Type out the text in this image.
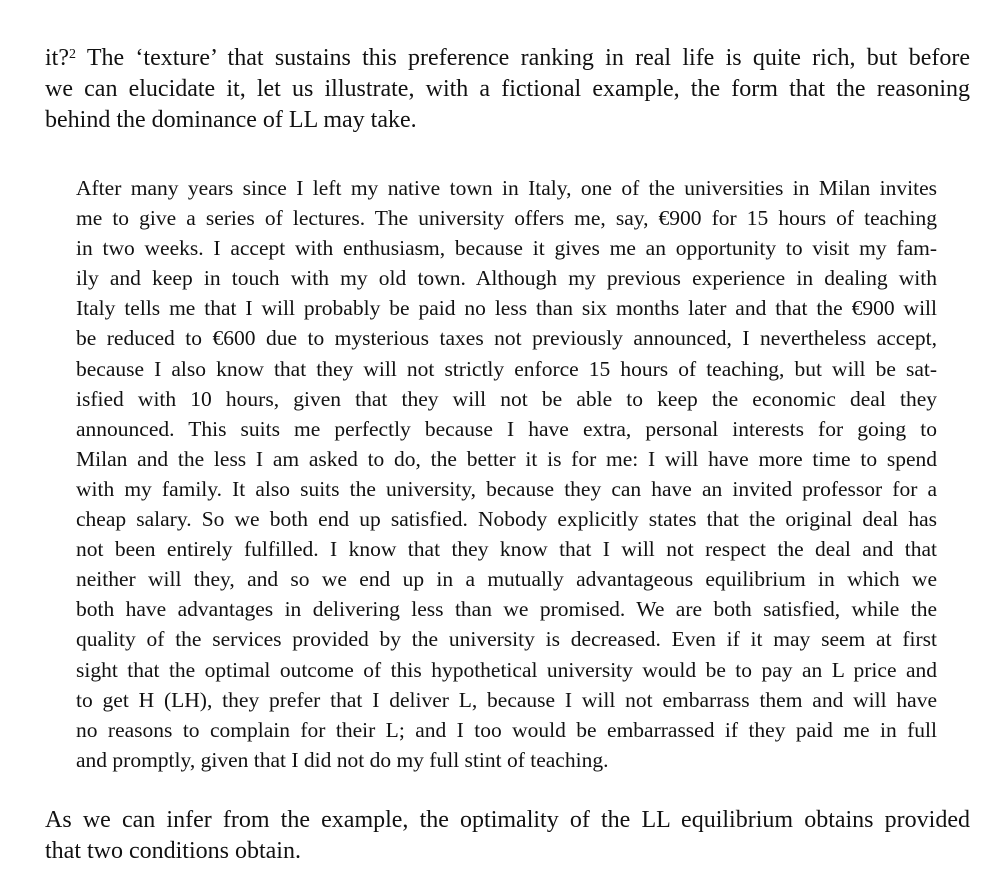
it?$^2$ The ‘texture’ that sustains this preference ranking in real life is quite rich, but before
we can elucidate it, let us illustrate, with a fictional example, the form that the reasoning
behind the dominance of LL may take.
After many years since I left my native town in Italy, one of the universities in Milan invites
me to give a series of lectures. The university offers me, say, €900 for 15 hours of teaching
in two weeks. I accept with enthusiasm, because it gives me an opportunity to visit my fam-
ily and keep in touch with my old town. Although my previous experience in dealing with
Italy tells me that I will probably be paid no less than six months later and that the €900 will
be reduced to €600 due to mysterious taxes not previously announced, I nevertheless accept,
because I also know that they will not strictly enforce 15 hours of teaching, but will be sat-
isfied with 10 hours, given that they will not be able to keep the economic deal they
announced. This suits me perfectly because I have extra, personal interests for going to
Milan and the less I am asked to do, the better it is for me: I will have more time to spend
with my family. It also suits the university, because they can have an invited professor for a
cheap salary. So we both end up satisfied. Nobody explicitly states that the original deal has
not been entirely fulfilled. I know that they know that I will not respect the deal and that
neither will they, and so we end up in a mutually advantageous equilibrium in which we
both have advantages in delivering less than we promised. We are both satisfied, while the
quality of the services provided by the university is decreased. Even if it may seem at first
sight that the optimal outcome of this hypothetical university would be to pay an L price and
to get H (LH), they prefer that I deliver L, because I will not embarrass them and will have
no reasons to complain for their L; and I too would be embarrassed if they paid me in full
and promptly, given that I did not do my full stint of teaching.
As we can infer from the example, the optimality of the LL equilibrium obtains provided
that two conditions obtain.
